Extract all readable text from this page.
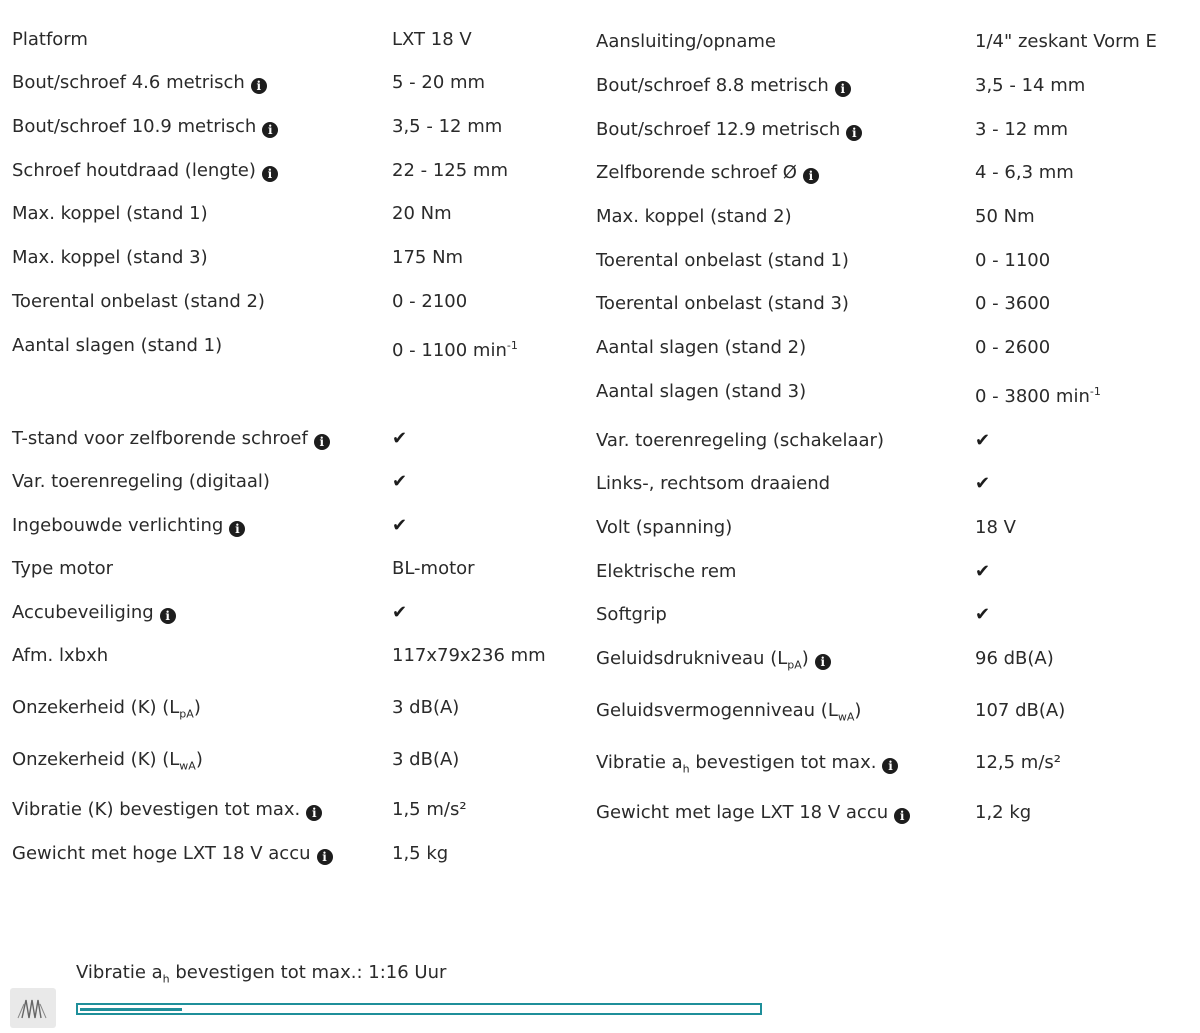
Platform	LXT 18 V
Bout/schroef 4.6 metrisch i	5 - 20 mm
Bout/schroef 10.9 metrisch i	3,5 - 12 mm
Schroef houtdraad (lengte) i	22 - 125 mm
Max. koppel (stand 1)	20 Nm
Max. koppel (stand 3)	175 Nm
Toerental onbelast (stand 2)	0 - 2100
Aantal slagen (stand 1)	0 - 1100 $\min^{-1}$
T-stand voor zelfborende schroef i	✔
Var. toerenregeling (digitaal)	✔
Ingebouwde verlichting i	✔
Type motor	BL-motor
Accubeveiliging i	✔
Afm. lxbxh	117x79x236 mm
Onzekerheid (K) $(L_{pA})$	3 dB(A)
Onzekerheid (K) $(L_{wA})$	3 dB(A)
Vibratie (K) bevestigen tot max. i	1,5 m/s²
Gewicht met hoge LXT 18 V accu i	1,5 kg
Aansluiting/opname	1/4" zeskant Vorm E
Bout/schroef 8.8 metrisch i	3,5 - 14 mm
Bout/schroef 12.9 metrisch i	3 - 12 mm
Zelfborende schroef Ø i	4 - 6,3 mm
Max. koppel (stand 2)	50 Nm
Toerental onbelast (stand 1)	0 - 1100
Toerental onbelast (stand 3)	0 - 3600
Aantal slagen (stand 2)	0 - 2600
Aantal slagen (stand 3)	0 - 3800 $\min^{-1}$
Var. toerenregeling (schakelaar)	✔
Links-, rechtsom draaiend	✔
Volt (spanning)	18 V
Elektrische rem	✔
Softgrip	✔
Geluidsdrukniveau $(L_{pA})$ i	96 dB(A)
Geluidsvermogenniveau $(L_{wA})$	107 dB(A)
Vibratie $a_h$ bevestigen tot max. i	12,5 m/s²
Gewicht met lage LXT 18 V accu i	1,2 kg
Vibratie $a_h$ bevestigen tot max.: 1:16 Uur
